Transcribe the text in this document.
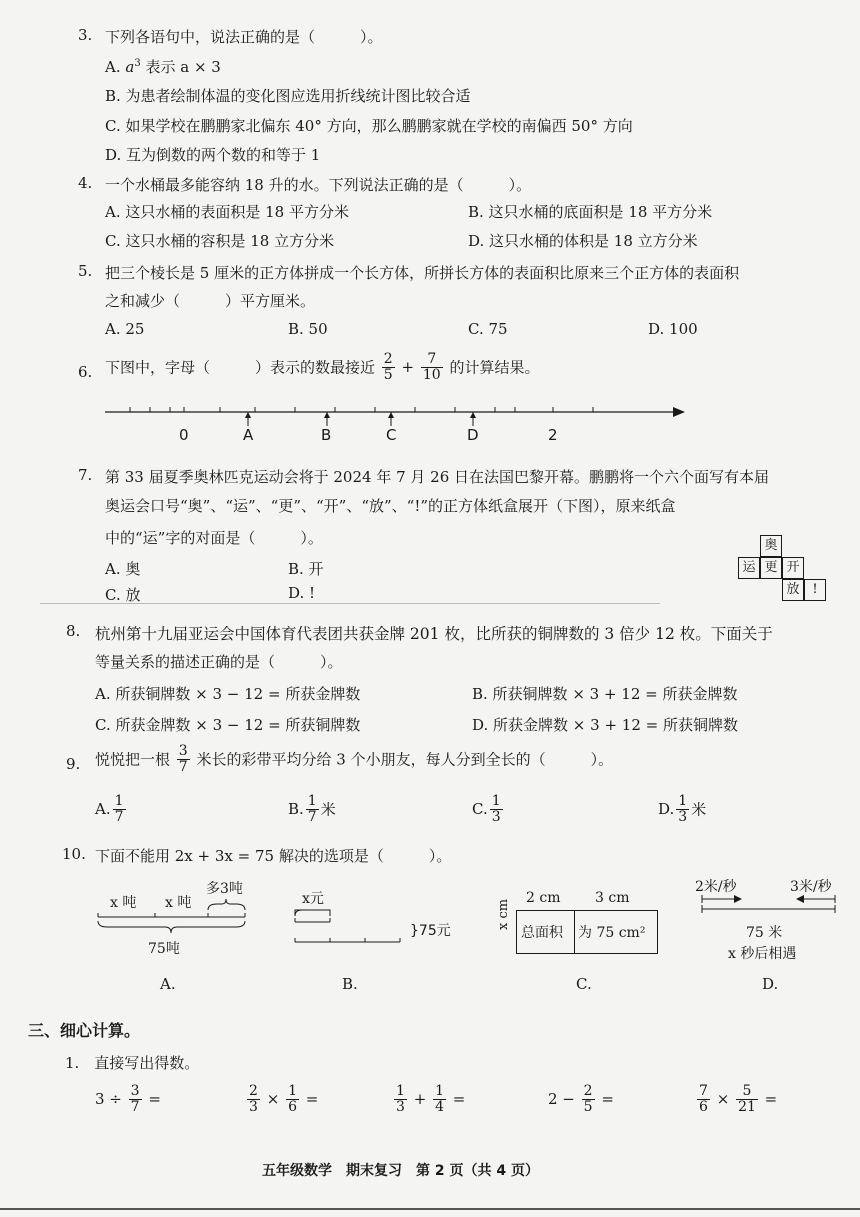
3. 下列各语句中，说法正确的是（　　　）。
A. $a^3$ 表示 a × 3
B. 为患者绘制体温的变化图应选用折线统计图比较合适
C. 如果学校在鹏鹏家北偏东 40° 方向，那么鹏鹏家就在学校的南偏西 50° 方向
D. 互为倒数的两个数的和等于 1
4. 一个水桶最多能容纳 18 升的水。下列说法正确的是（　　　）。
A. 这只水桶的表面积是 18 平方分米	B. 这只水桶的底面积是 18 平方分米
C. 这只水桶的容积是 18 立方分米	D. 这只水桶的体积是 18 立方分米
5. 把三个棱长是 5 厘米的正方体拼成一个长方体，所拼长方体的表面积比原来三个正方体的表面积
之和减少（　　　）平方厘米。
A. 25	B. 50	C. 75	D. 100
6. 下图中，字母（　　　）表示的数最接近 $\frac{2}{5} + \frac{7}{10}$ 的计算结果。
0	A	B	C	D	2
7. 第 33 届夏季奥林匹克运动会将于 2024 年 7 月 26 日在法国巴黎开幕。鹏鹏将一个六个面写有本届
奥运会口号“奥”、“运”、“更”、“开”、“放”、“!”的正方体纸盒展开（下图），原来纸盒
中的“运”字的对面是（　　　）。
A. 奥	B. 开
C. 放	D. !
奥
运 更 开
放 !
8. 杭州第十九届亚运会中国体育代表团共获金牌 201 枚，比所获的铜牌数的 3 倍少 12 枚。下面关于
等量关系的描述正确的是（　　　）。
A. 所获铜牌数 × 3 − 12 = 所获金牌数	B. 所获铜牌数 × 3 + 12 = 所获金牌数
C. 所获金牌数 × 3 − 12 = 所获铜牌数	D. 所获金牌数 × 3 + 12 = 所获铜牌数
9. 悦悦把一根 $\frac{3}{7}$ 米长的彩带平均分给 3 个小朋友，每人分到全长的（　　　）。
A. $\frac{1}{7}$	B. $\frac{1}{7}$ 米	C. $\frac{1}{3}$	D. $\frac{1}{3}$ 米
10. 下面不能用 2x + 3x = 75 解决的选项是（　　　）。
x 吨 x 吨
多3吨
75吨
A.
x元
}75元
B.
2 cm 3 cm
x cm
总面积 为 75 cm²
C.
2米/秒	3米/秒
75 米
x 秒后相遇
D.
三、细心计算。
1.　直接写出得数。
$3 \div \frac{3}{7}$ =	$\frac{2}{3} \times \frac{1}{6}$ =	$\frac{1}{3} + \frac{1}{4}$ =	$2 - \frac{2}{5}$ =	$\frac{7}{6} \times \frac{5}{21}$ =
五年级数学　期末复习　第 2 页（共 4 页）
